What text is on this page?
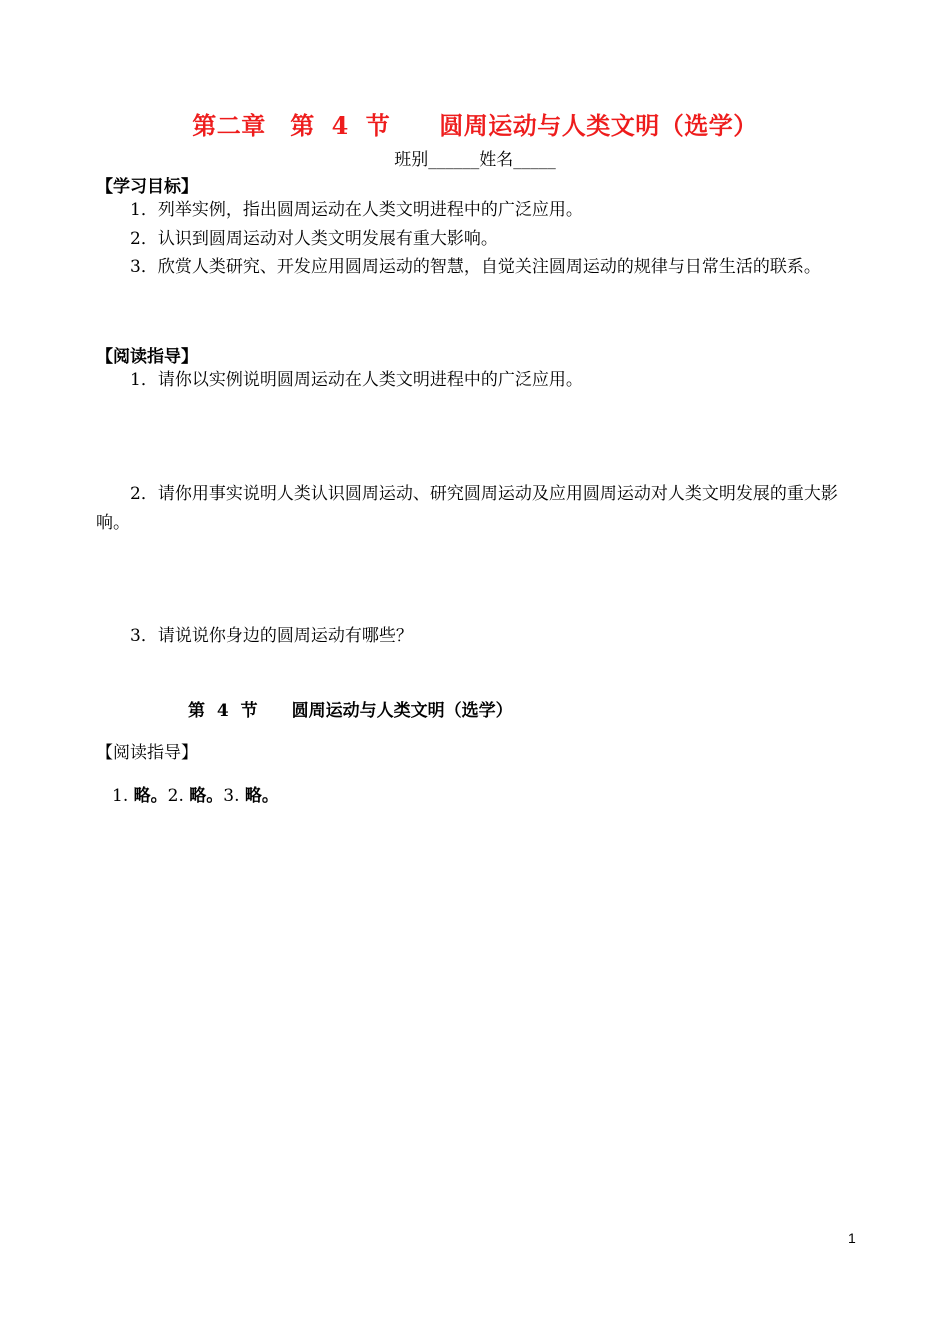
第二章　第 4 节　　圆周运动与人类文明（选学）
班别______姓名_____
【学习目标】
1．列举实例，指出圆周运动在人类文明进程中的广泛应用。
2．认识到圆周运动对人类文明发展有重大影响。
3．欣赏人类研究、开发应用圆周运动的智慧，自觉关注圆周运动的规律与日常生活的联系。
【阅读指导】
1．请你以实例说明圆周运动在人类文明进程中的广泛应用。
2．请你用事实说明人类认识圆周运动、研究圆周运动及应用圆周运动对人类文明发展的重大影响。
3．请说说你身边的圆周运动有哪些？
第 4 节　　圆周运动与人类文明（选学）
【阅读指导】
1. 略。2. 略。3. 略。
1
